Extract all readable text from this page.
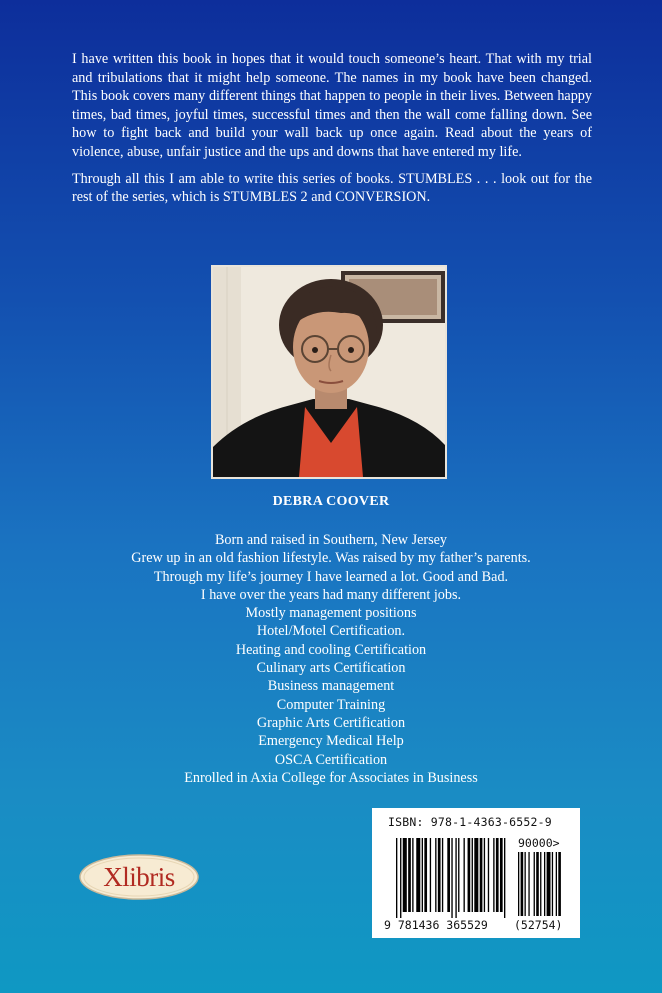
I have written this book in hopes that it would touch someone’s heart. That with my trial and tribulations that it might help someone. The names in my book have been changed. This book covers many different things that happen to people in their lives. Between happy times, bad times, joyful times, successful times and then the wall come falling down. See how to fight back and build your wall back up once again. Read about the years of violence, abuse, unfair justice and the ups and downs that have entered my life.

Through all this I am able to write this series of books. STUMBLES . . . look out for the rest of the series, which is STUMBLES 2 and CONVERSION.

DEBRA COOVER
Born and raised in Southern, New Jersey
Grew up in an old fashion lifestyle. Was raised by my father’s parents.
Through my life’s journey I have learned a lot. Good and Bad.
I have over the years had many different jobs.
Mostly management positions
Hotel/Motel Certification.
Heating and cooling Certification
Culinary arts Certification
Business management
Computer Training
Graphic Arts Certification
Emergency Medical Help
OSCA Certification
Enrolled in Axia College for Associates in Business
Xlibris
ISBN: 978-1-4363-6552-9
90000>
9 781436 365529 (52754)
